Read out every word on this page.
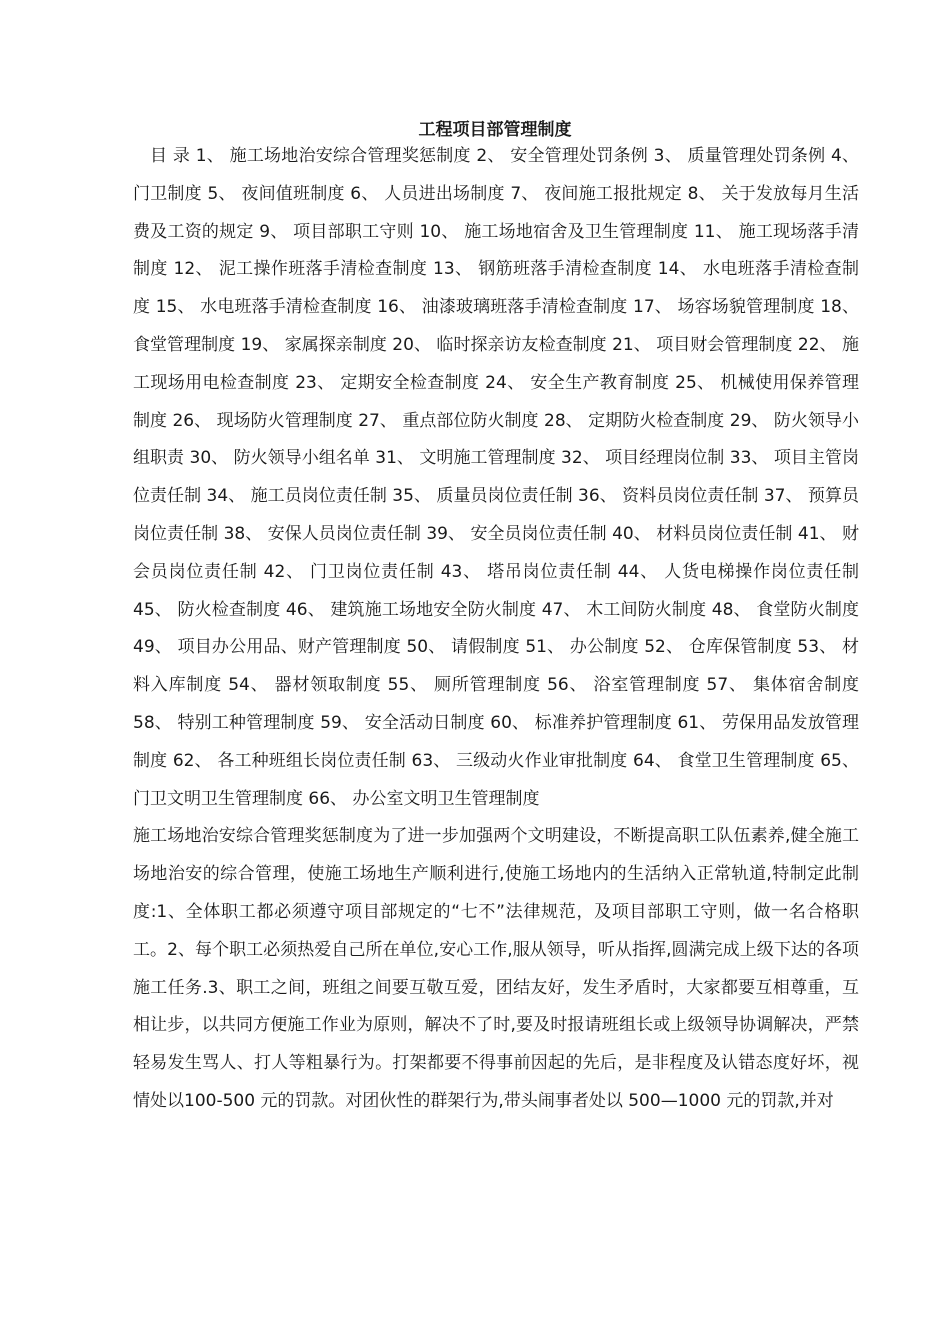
工程项目部管理制度

目 录 1、 施工场地治安综合管理奖惩制度 2、 安全管理处罚条例 3、 质量管理处罚条例 4、 门卫制度 5、 夜间值班制度 6、 人员进出场制度 7、 夜间施工报批规定 8、 关于发放每月生活费及工资的规定 9、 项目部职工守则 10、 施工场地宿舍及卫生管理制度 11、 施工现场落手清制度 12、 泥工操作班落手清检查制度 13、 钢筋班落手清检查制度 14、 水电班落手清检查制度 15、 水电班落手清检查制度 16、 油漆玻璃班落手清检查制度 17、 场容场貌管理制度 18、 食堂管理制度 19、 家属探亲制度 20、 临时探亲访友检查制度 21、 项目财会管理制度 22、 施工现场用电检查制度 23、 定期安全检查制度 24、 安全生产教育制度 25、 机械使用保养管理制度 26、 现场防火管理制度 27、 重点部位防火制度 28、 定期防火检查制度 29、 防火领导小组职责 30、 防火领导小组名单 31、 文明施工管理制度 32、 项目经理岗位制 33、 项目主管岗位责任制 34、 施工员岗位责任制 35、 质量员岗位责任制 36、 资料员岗位责任制 37、 预算员岗位责任制 38、 安保人员岗位责任制 39、 安全员岗位责任制 40、 材料员岗位责任制 41、 财会员岗位责任制 42、 门卫岗位责任制 43、 塔吊岗位责任制 44、 人货电梯操作岗位责任制 45、 防火检查制度 46、 建筑施工场地安全防火制度 47、 木工间防火制度 48、 食堂防火制度 49、 项目办公用品、财产管理制度 50、 请假制度 51、 办公制度 52、 仓库保管制度 53、 材料入库制度 54、 器材领取制度 55、 厕所管理制度 56、 浴室管理制度 57、 集体宿舍制度 58、 特别工种管理制度 59、 安全活动日制度 60、 标准养护管理制度 61、 劳保用品发放管理制度 62、 各工种班组长岗位责任制 63、 三级动火作业审批制度 64、 食堂卫生管理制度 65、 门卫文明卫生管理制度 66、 办公室文明卫生管理制度

施工场地治安综合管理奖惩制度为了进一步加强两个文明建设，不断提高职工队伍素养,健全施工场地治安的综合管理，使施工场地生产顺利进行,使施工场地内的生活纳入正常轨道,特制定此制度:1、全体职工都必须遵守项目部规定的“七不”法律规范，及项目部职工守则，做一名合格职工。2、每个职工必须热爱自己所在单位,安心工作,服从领导，听从指挥,圆满完成上级下达的各项施工任务.3、职工之间，班组之间要互敬互爱，团结友好，发生矛盾时，大家都要互相尊重，互相让步，以共同方便施工作业为原则，解决不了时,要及时报请班组长或上级领导协调解决，严禁轻易发生骂人、打人等粗暴行为。打架都要不得事前因起的先后，是非程度及认错态度好坏，视情处以100-500 元的罚款。对团伙性的群架行为,带头闹事者处以 500—1000 元的罚款,并对
